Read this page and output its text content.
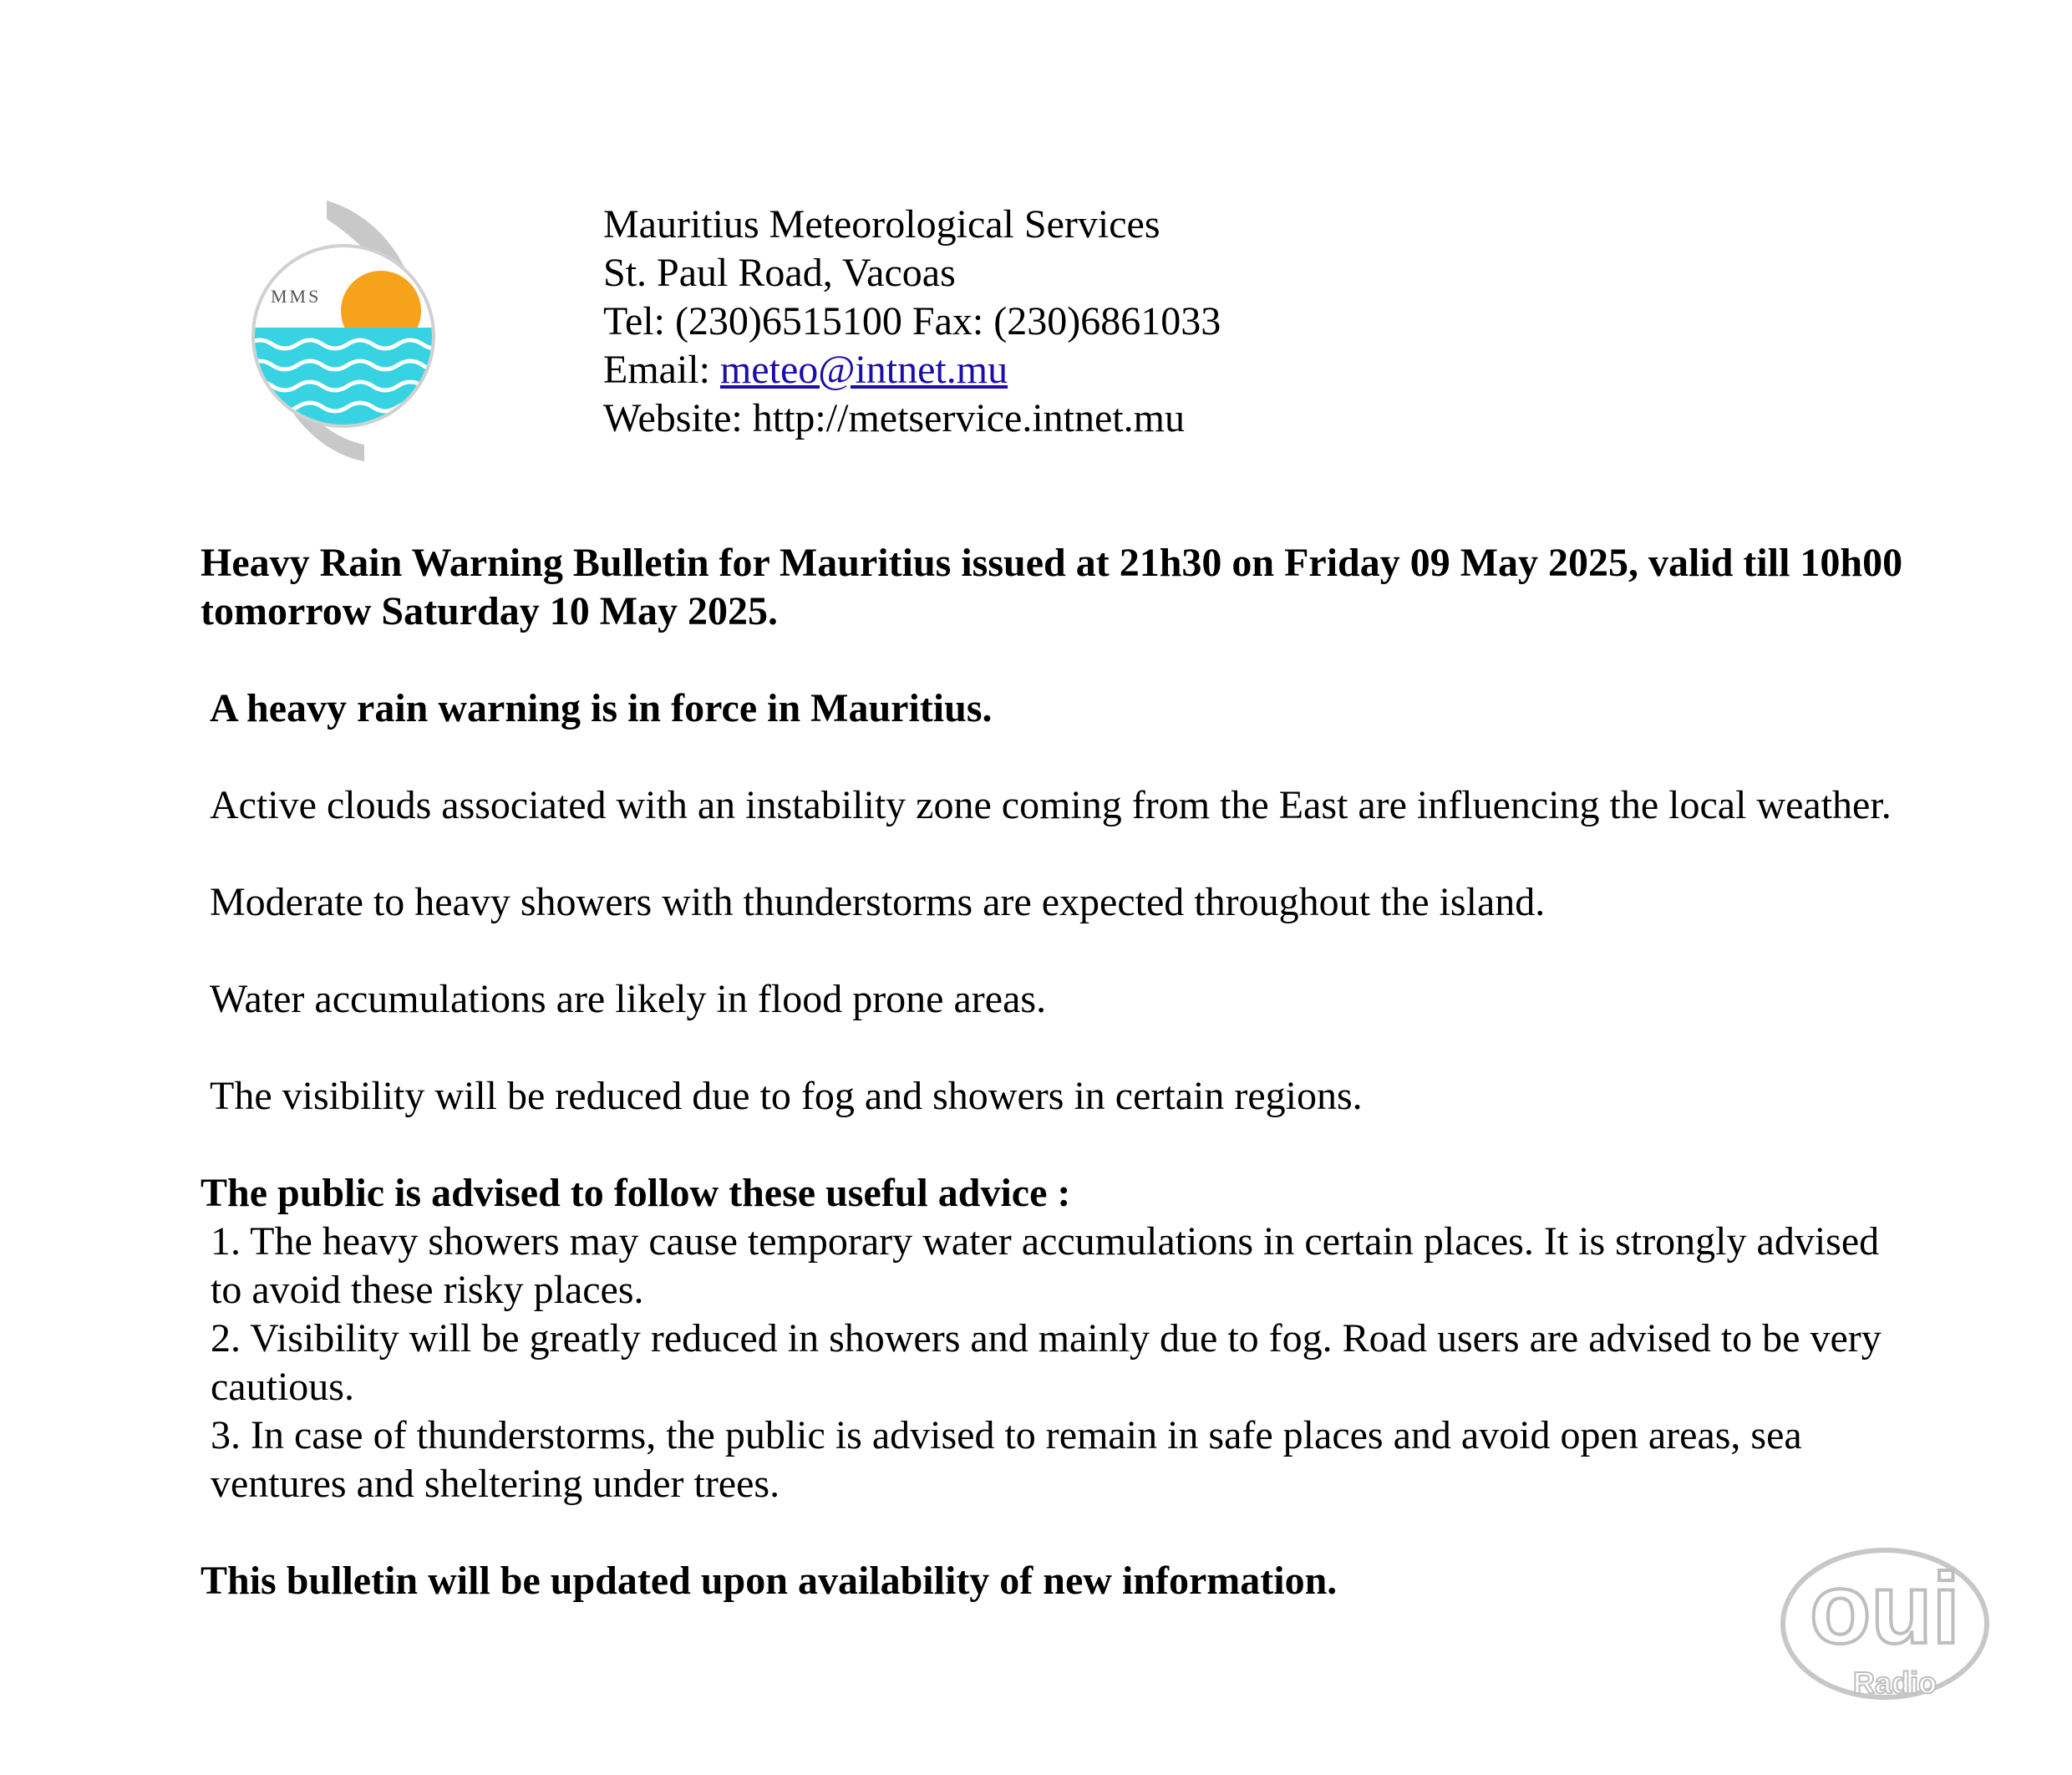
MMS
Mauritius Meteorological Services
St. Paul Road, Vacoas
Tel: (230)6515100 Fax: (230)6861033
Email: meteo@intnet.mu
Website: http://metservice.intnet.mu

Heavy Rain Warning Bulletin for Mauritius issued at 21h30 on Friday 09 May 2025, valid till 10h00 tomorrow Saturday 10 May 2025.

A heavy rain warning is in force in Mauritius.

Active clouds associated with an instability zone coming from the East are influencing the local weather.

Moderate to heavy showers with thunderstorms are expected throughout the island.

Water accumulations are likely in flood prone areas.

The visibility will be reduced due to fog and showers in certain regions.

The public is advised to follow these useful advice :

1. The heavy showers may cause temporary water accumulations in certain places. It is strongly advised to avoid these risky places.
2. Visibility will be greatly reduced in showers and mainly due to fog. Road users are advised to be very cautious.
3. In case of thunderstorms, the public is advised to remain in safe places and avoid open areas, sea ventures and sheltering under trees.

This bulletin will be updated upon availability of new information.	oui
Radio
